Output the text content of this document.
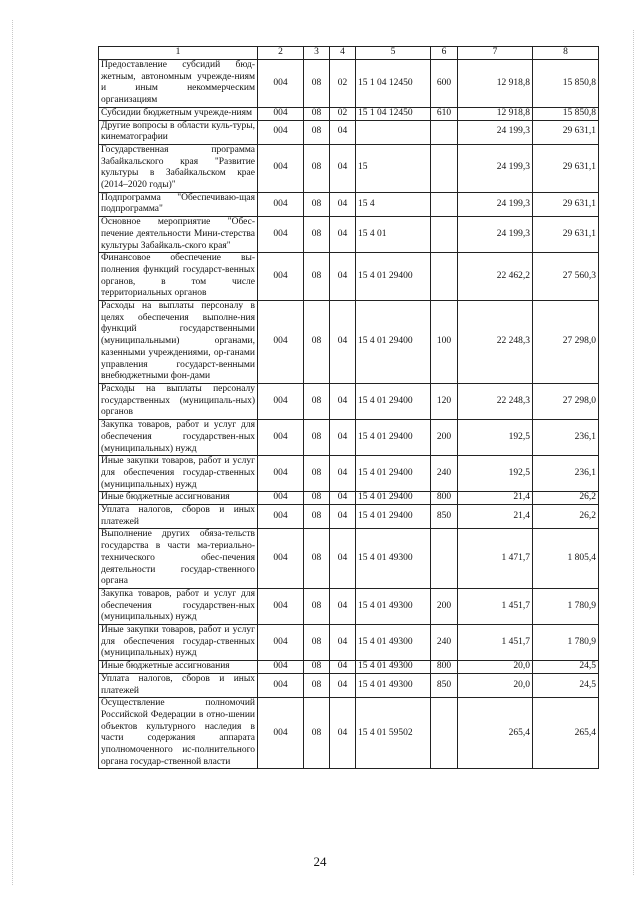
1	2	3	4	5	6	7	8
Предоставление субсидий бюд-жетным, автономным учрежде-ниям и иным некоммерческим организациям	004	08	02	15 1 04 12450	600	12 918,8	15 850,8
Субсидии бюджетным учрежде-ниям	004	08	02	15 1 04 12450	610	12 918,8	15 850,8
Другие вопросы в области куль-туры, кинематографии	004	08	04			24 199,3	29 631,1
Государственная программа Забайкальского края "Развитие культуры в Забайкальском крае (2014–2020 годы)"	004	08	04	15		24 199,3	29 631,1
Подпрограмма "Обеспечиваю-щая подпрограмма"	004	08	04	15 4		24 199,3	29 631,1
Основное мероприятие "Обес-печение деятельности Мини-стерства культуры Забайкаль-ского края"	004	08	04	15 4 01		24 199,3	29 631,1
Финансовое обеспечение вы-полнения функций государст-венных органов, в том числе территориальных органов	004	08	04	15 4 01 29400		22 462,2	27 560,3
Расходы на выплаты персоналу в целях обеспечения выполне-ния функций государственными (муниципальными) органами, казенными учреждениями, ор-ганами управления государст-венными внебюджетными фон-дами	004	08	04	15 4 01 29400	100	22 248,3	27 298,0
Расходы на выплаты персоналу государственных (муниципаль-ных) органов	004	08	04	15 4 01 29400	120	22 248,3	27 298,0
Закупка товаров, работ и услуг для обеспечения государствен-ных (муниципальных) нужд	004	08	04	15 4 01 29400	200	192,5	236,1
Иные закупки товаров, работ и услуг для обеспечения государ-ственных (муниципальных) нужд	004	08	04	15 4 01 29400	240	192,5	236,1
Иные бюджетные ассигнования	004	08	04	15 4 01 29400	800	21,4	26,2
Уплата налогов, сборов и иных платежей	004	08	04	15 4 01 29400	850	21,4	26,2
Выполнение других обяза-тельств государства в части ма-териально-технического обес-печения деятельности государ-ственного органа	004	08	04	15 4 01 49300		1 471,7	1 805,4
Закупка товаров, работ и услуг для обеспечения государствен-ных (муниципальных) нужд	004	08	04	15 4 01 49300	200	1 451,7	1 780,9
Иные закупки товаров, работ и услуг для обеспечения государ-ственных (муниципальных) нужд	004	08	04	15 4 01 49300	240	1 451,7	1 780,9
Иные бюджетные ассигнования	004	08	04	15 4 01 49300	800	20,0	24,5
Уплата налогов, сборов и иных платежей	004	08	04	15 4 01 49300	850	20,0	24,5
Осуществление полномочий Российской Федерации в отно-шении объектов культурного наследия в части содержания аппарата уполномоченного ис-полнительного органа государ-ственной власти	004	08	04	15 4 01 59502		265,4	265,4
24
